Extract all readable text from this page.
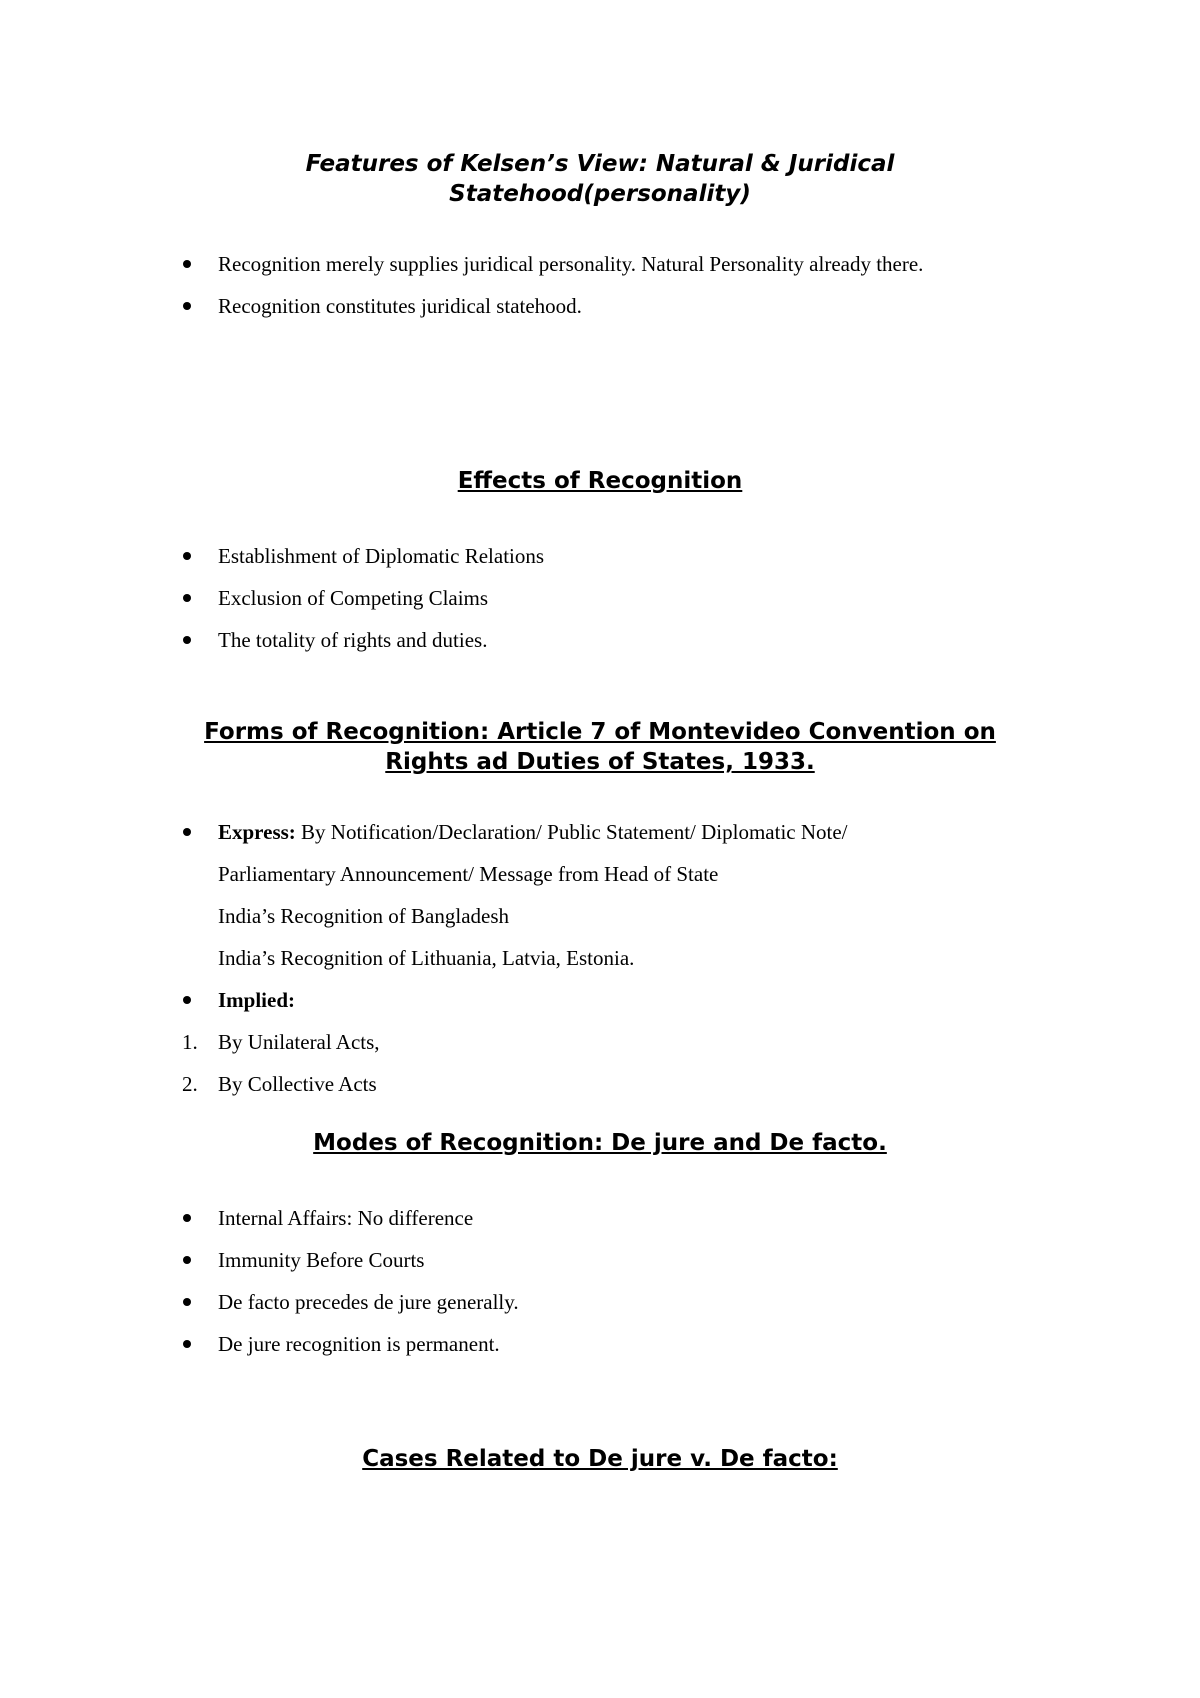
Features of Kelsen’s View: Natural & Juridical
Statehood(personality)
Recognition merely supplies juridical personality. Natural Personality already there.
Recognition constitutes juridical statehood.
Effects of Recognition
Establishment of Diplomatic Relations
Exclusion of Competing Claims
The totality of rights and duties.
Forms of Recognition: Article 7 of Montevideo Convention on
Rights ad Duties of States, 1933.
Express: By Notification/Declaration/ Public Statement/ Diplomatic Note/
Parliamentary Announcement/ Message from Head of State
India’s Recognition of Bangladesh
India’s Recognition of Lithuania, Latvia, Estonia.
Implied:
1. By Unilateral Acts,
2. By Collective Acts
Modes of Recognition: De jure and De facto.
Internal Affairs: No difference
Immunity Before Courts
De facto precedes de jure generally.
De jure recognition is permanent.
Cases Related to De jure v. De facto:
